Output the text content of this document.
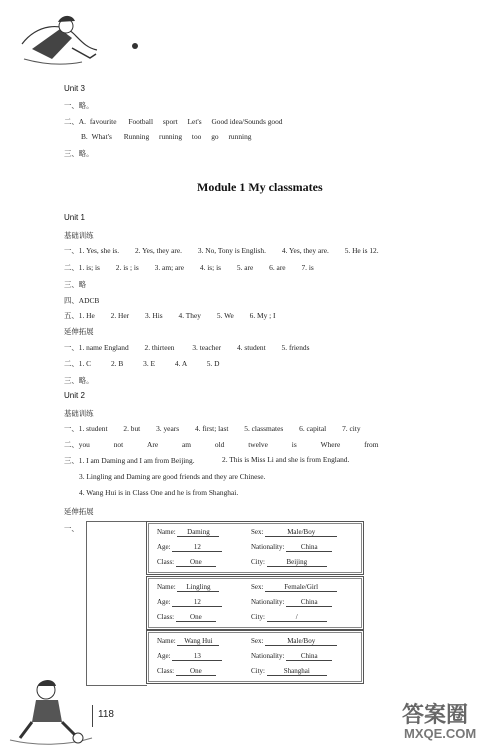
Unit 3
一、略。
二、A. favourite Football sport Let's Good idea/Sounds good
B. What's Running running too go running
三、略。
Module 1 My classmates
Unit 1
基础训练
一、1. Yes, she is. 2. Yes, they are. 3. No, Tony is English. 4. Yes, they are. 5. He is 12.
二、1. is; is 2. is ; is 3. am; are 4. is; is 5. are 6. are 7. is
三、略
四、ADCB
五、1. He 2. Her 3. His 4. They 5. We 6. My ; I
延伸拓展
一、1. name England 2. thirteen 3. teacher 4. student 5. friends
二、1. C	2. B	3. E	4. A	5. D
三、略。
Unit 2
基础训练
一、1. student 2. but 3. years 4. first; last 5. classmates 6. capital 7. city
二、you	not	Are	am	old	twelve	is	Where	from
三、1. I am Daming and I am from Beijing.	2. This is Miss Li and she is from England.
3. Lingling and Daming are good friends and they are Chinese.
4. Wang Hui is in Class One and he is from Shanghai.
延伸拓展
一、	Name: Daming	Sex:	Male/Boy
Age:	12	Nationality: China
Class: One	City:	Beijing
Name: Lingling	Sex:	Female/Girl
Age:	12	Nationality: China
Class: One	City:	/
Name: Wang Hui	Sex:	Male/Boy
Age:	13	Nationality: China
Class: One	City:	Shanghai
118	答案圈
MXQE.COM
